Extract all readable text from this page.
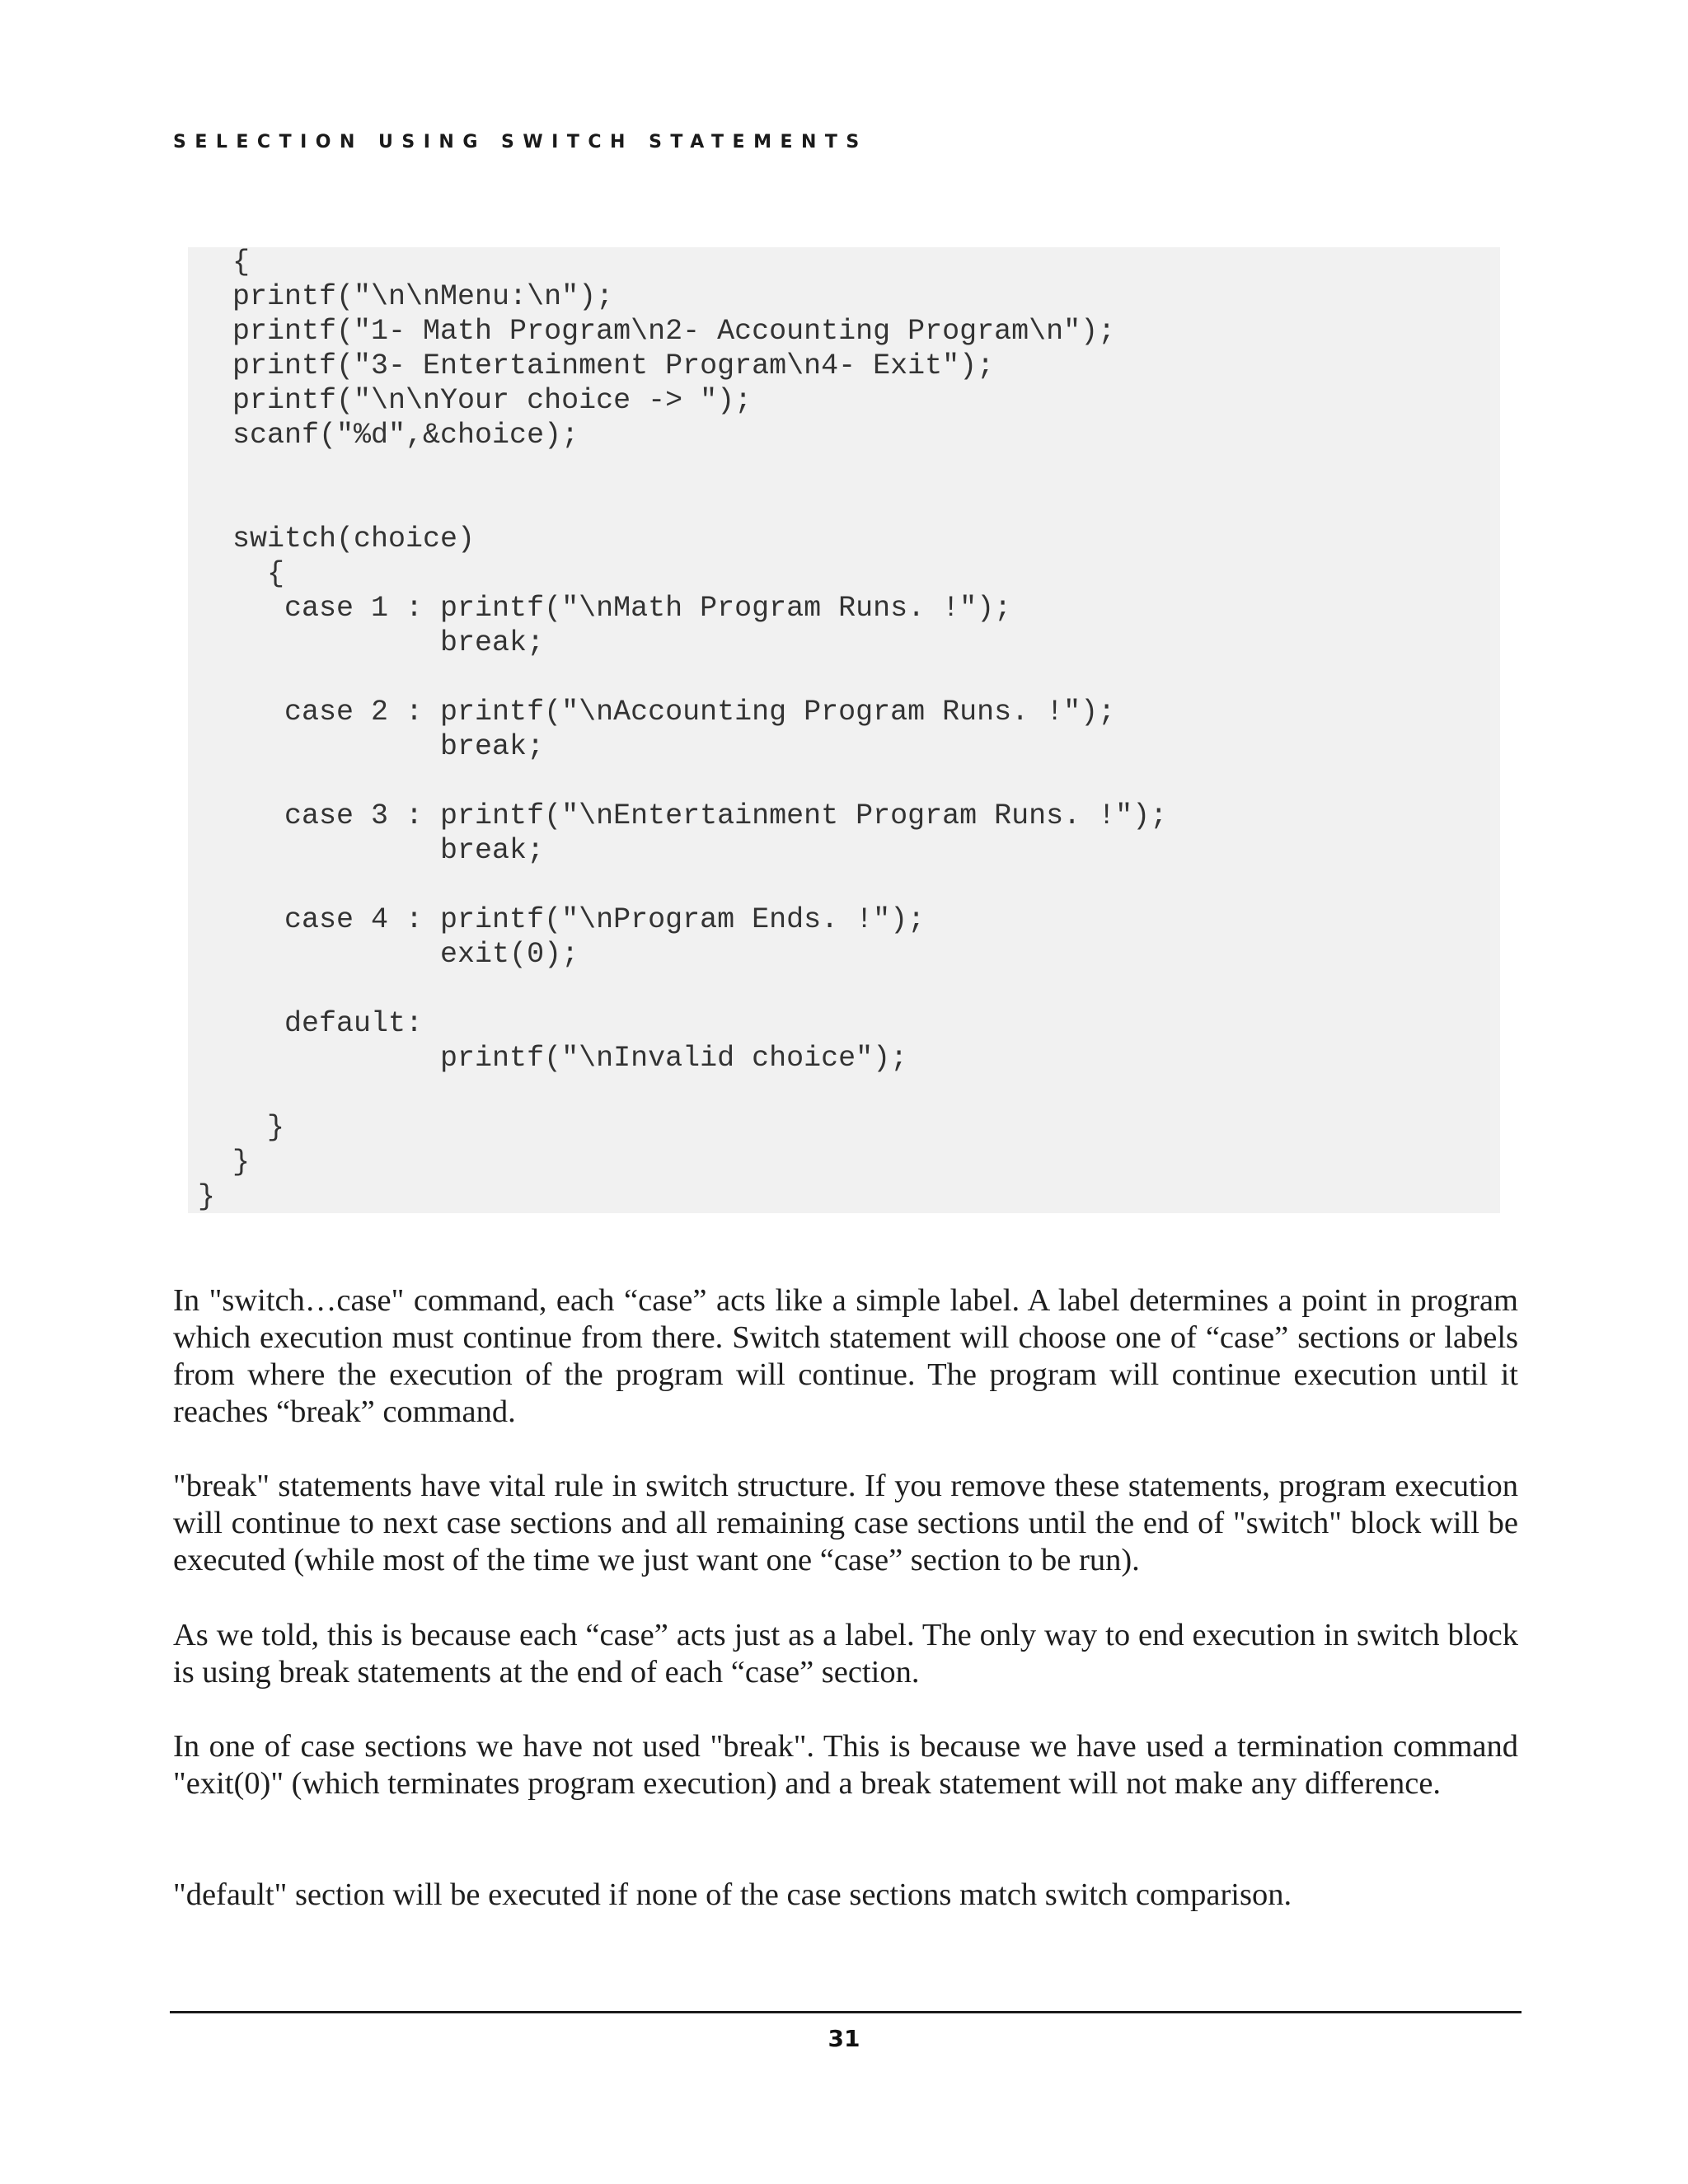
SELECTION USING SWITCH STATEMENTS
{
printf("\n\nMenu:\n");
printf("1- Math Program\n2- Accounting Program\n");
printf("3- Entertainment Program\n4- Exit");
printf("\n\nYour choice -> ");
scanf("%d",&choice);
switch(choice)
{
case 1 : printf("\nMath Program Runs. !");
break;
case 2 : printf("\nAccounting Program Runs. !");
break;
case 3 : printf("\nEntertainment Program Runs. !");
break;
case 4 : printf("\nProgram Ends. !");
exit(0);
default:
printf("\nInvalid choice");
}
}
}

In "switch…case" command, each “case” acts like a simple label. A label determines a point in program which execution must continue from there. Switch statement will choose one of “case” sections or labels from where the execution of the program will continue. The program will continue execution until it reaches “break” command.

"break" statements have vital rule in switch structure. If you remove these statements, program execution will continue to next case sections and all remaining case sections until the end of "switch" block will be executed (while most of the time we just want one “case” section to be run).

As we told, this is because each “case” acts just as a label. The only way to end execution in switch block is using break statements at the end of each “case” section.

In one of case sections we have not used "break". This is because we have used a termination command "exit(0)" (which terminates program execution) and a break statement will not make any difference.

"default" section will be executed if none of the case sections match switch comparison.

31
